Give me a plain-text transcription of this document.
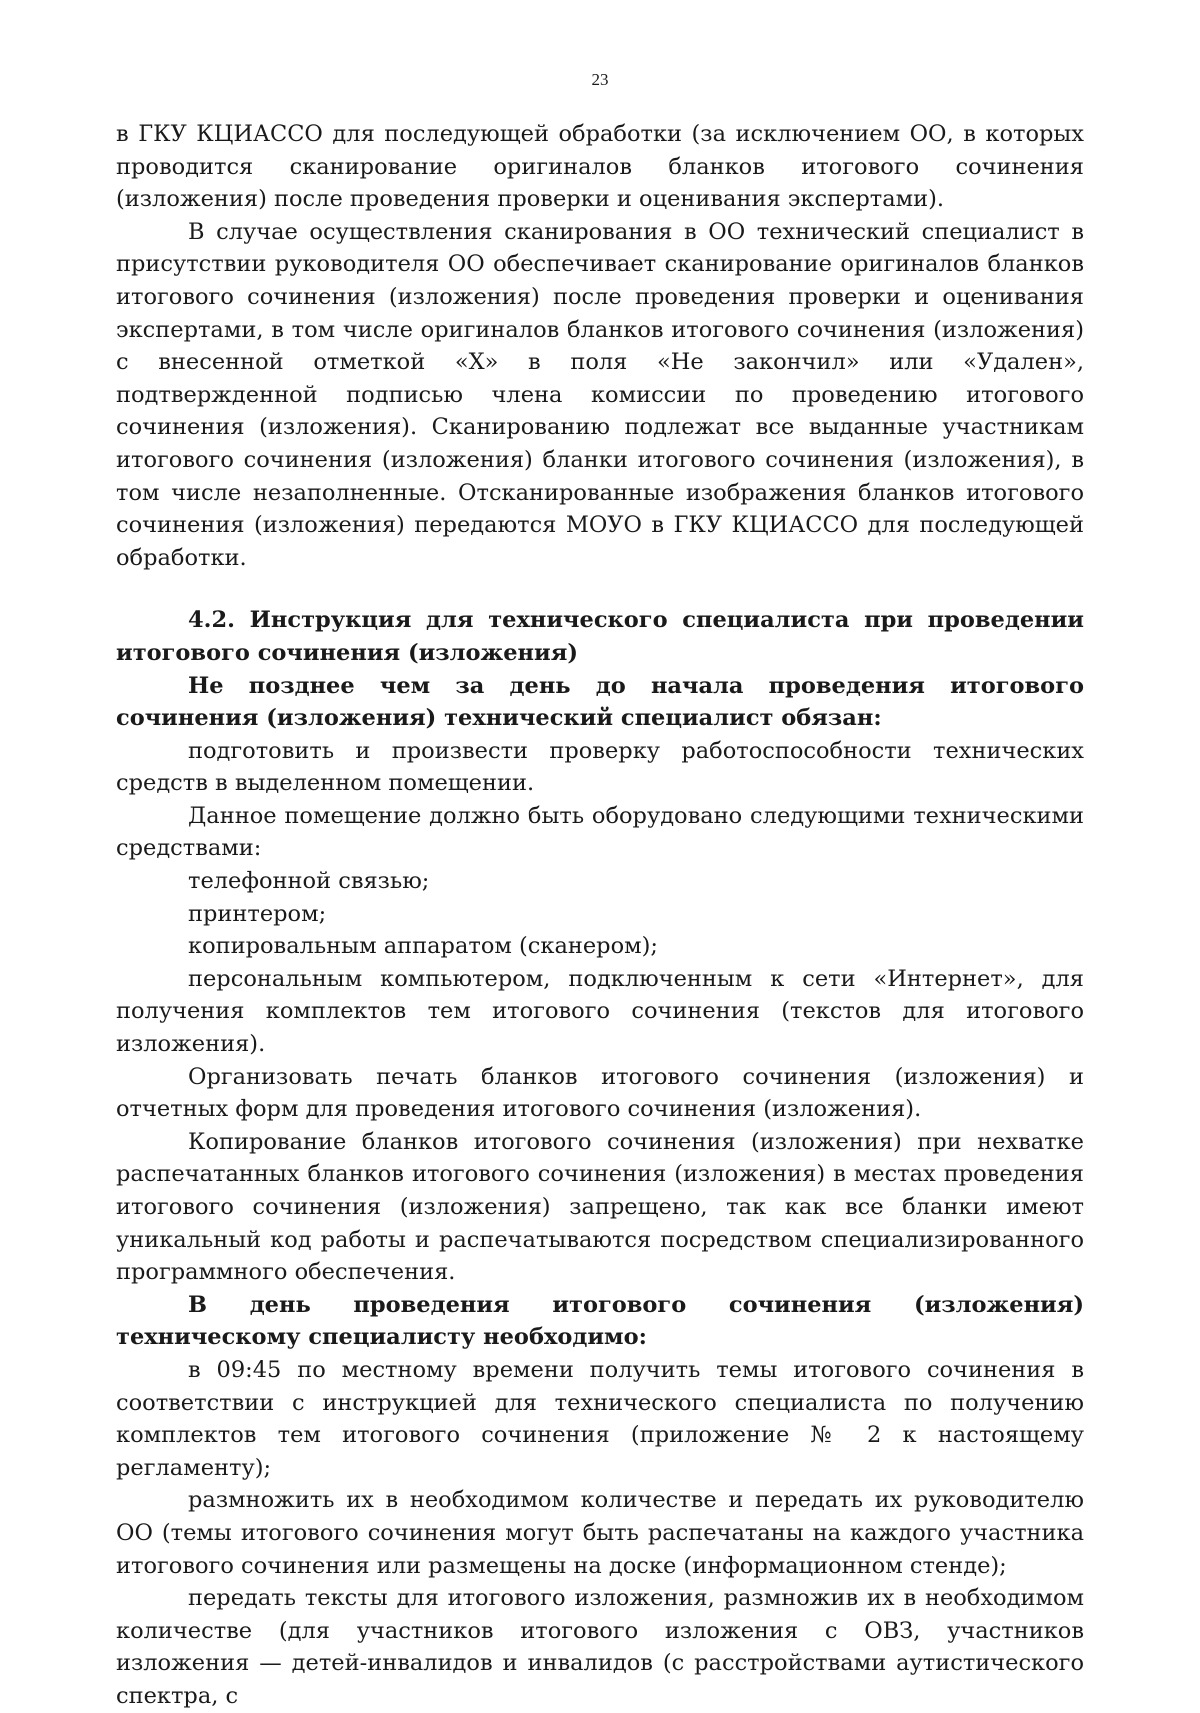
23

в ГКУ КЦИАССО для последующей обработки (за исключением ОО, в которых проводится сканирование оригиналов бланков итогового сочинения (изложения) после проведения проверки и оценивания экспертами).

В случае осуществления сканирования в ОО технический специалист в присутствии руководителя ОО обеспечивает сканирование оригиналов бланков итогового сочинения (изложения) после проведения проверки и оценивания экспертами, в том числе оригиналов бланков итогового сочинения (изложения) с внесенной отметкой «X» в поля «Не закончил» или «Удален», подтвержденной подписью члена комиссии по проведению итогового сочинения (изложения). Сканированию подлежат все выданные участникам итогового сочинения (изложения) бланки итогового сочинения (изложения), в том числе незаполненные. Отсканированные изображения бланков итогового сочинения (изложения) передаются МОУО в ГКУ КЦИАССО для последующей обработки.

4.2. Инструкция для технического специалиста при проведении итогового сочинения (изложения)

Не позднее чем за день до начала проведения итогового сочинения (изложения) технический специалист обязан:

подготовить и произвести проверку работоспособности технических средств в выделенном помещении.

Данное помещение должно быть оборудовано следующими техническими средствами:

телефонной связью;

принтером;

копировальным аппаратом (сканером);

персональным компьютером, подключенным к сети «Интернет», для получения комплектов тем итогового сочинения (текстов для итогового изложения).

Организовать печать бланков итогового сочинения (изложения) и отчетных форм для проведения итогового сочинения (изложения).

Копирование бланков итогового сочинения (изложения) при нехватке распечатанных бланков итогового сочинения (изложения) в местах проведения итогового сочинения (изложения) запрещено, так как все бланки имеют уникальный код работы и распечатываются посредством специализированного программного обеспечения.

В день проведения итогового сочинения (изложения) техническому специалисту необходимо:

в 09:45 по местному времени получить темы итогового сочинения в соответствии с инструкцией для технического специалиста по получению комплектов тем итогового сочинения (приложение № 2 к настоящему регламенту);

размножить их в необходимом количестве и передать их руководителю ОО (темы итогового сочинения могут быть распечатаны на каждого участника итогового сочинения или размещены на доске (информационном стенде);

передать тексты для итогового изложения, размножив их в необходимом количестве (для участников итогового изложения с ОВЗ, участников изложения — детей-инвалидов и инвалидов (с расстройствами аутистического спектра, с
